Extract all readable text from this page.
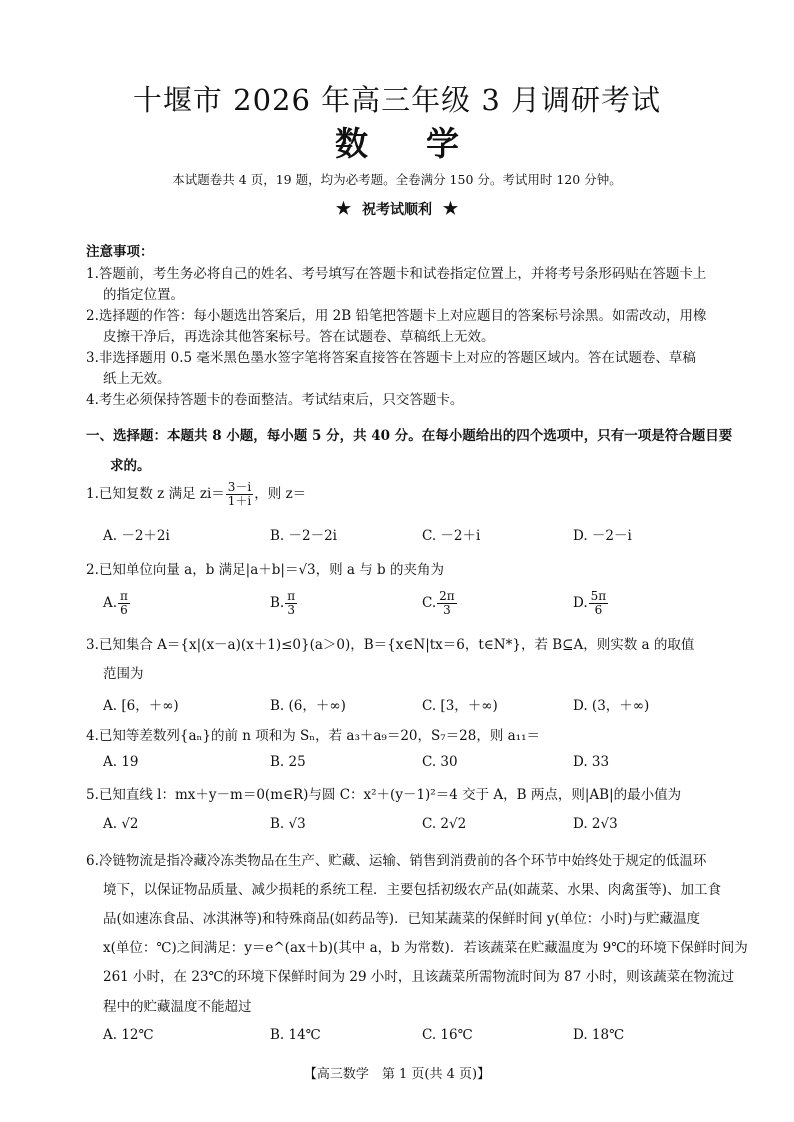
十堰市 2026 年高三年级 3 月调研考试
数学
本试题卷共 4 页，19 题，均为必考题。全卷满分 150 分。考试用时 120 分钟。
★ 祝考试顺利 ★
注意事项：
1.答题前，考生务必将自己的姓名、考号填写在答题卡和试卷指定位置上，并将考号条形码贴在答题卡上
的指定位置。
2.选择题的作答：每小题选出答案后，用 2B 铅笔把答题卡上对应题目的答案标号涂黑。如需改动，用橡
皮擦干净后，再选涂其他答案标号。答在试题卷、草稿纸上无效。
3.非选择题用 0.5 毫米黑色墨水签字笔将答案直接答在答题卡上对应的答题区域内。答在试题卷、草稿
纸上无效。
4.考生必须保持答题卡的卷面整洁。考试结束后，只交答题卡。
一、选择题：本题共 8 小题，每小题 5 分，共 40 分。在每小题给出的四个选项中，只有一项是符合题目要
求的。
1.已知复数 z 满足 $zi= \frac{3-i}{1+i}$ ，则 z＝
A. －2＋2i	B. －2－2i	C. －2＋i	D. －2－i
2.已知单位向量 a，b 满足|a＋b|＝√3，则 a 与 b 的夹角为
A. $\frac{\pi}{6}$	B. $\frac{\pi}{3}$	C. $\frac{2\pi}{3}$	D. $\frac{5\pi}{6}$
3.已知集合 A＝{x|(x－a)(x＋1)≤0}(a＞0)，B＝{x∈N|tx＝6，t∈N*}，若 B⊆A，则实数 a 的取值
范围为
A. [6，＋∞)	B. (6，＋∞)	C. [3，＋∞)	D. (3，＋∞)
4.已知等差数列{aₙ}的前 n 项和为 Sₙ，若 a₃＋a₉＝20，S₇＝28，则 a₁₁＝
A. 19	B. 25	C. 30	D. 33
5.已知直线 l：mx＋y－m＝0(m∈R)与圆 C：x²＋(y－1)²＝4 交于 A，B 两点，则|AB|的最小值为
A. √2	B. √3	C. 2√2	D. 2√3
6.冷链物流是指冷藏冷冻类物品在生产、贮藏、运输、销售到消费前的各个环节中始终处于规定的低温环
境下，以保证物品质量、减少损耗的系统工程．主要包括初级农产品(如蔬菜、水果、肉禽蛋等)、加工食
品(如速冻食品、冰淇淋等)和特殊商品(如药品等)．已知某蔬菜的保鲜时间 y(单位：小时)与贮藏温度
x(单位：℃)之间满足：y＝e^(ax＋b)(其中 a，b 为常数)．若该蔬菜在贮藏温度为 9℃的环境下保鲜时间为
261 小时，在 23℃的环境下保鲜时间为 29 小时，且该蔬菜所需物流时间为 87 小时，则该蔬菜在物流过
程中的贮藏温度不能超过
A. 12℃	B. 14℃	C. 16℃	D. 18℃
【高三数学　第 1 页(共 4 页)】
